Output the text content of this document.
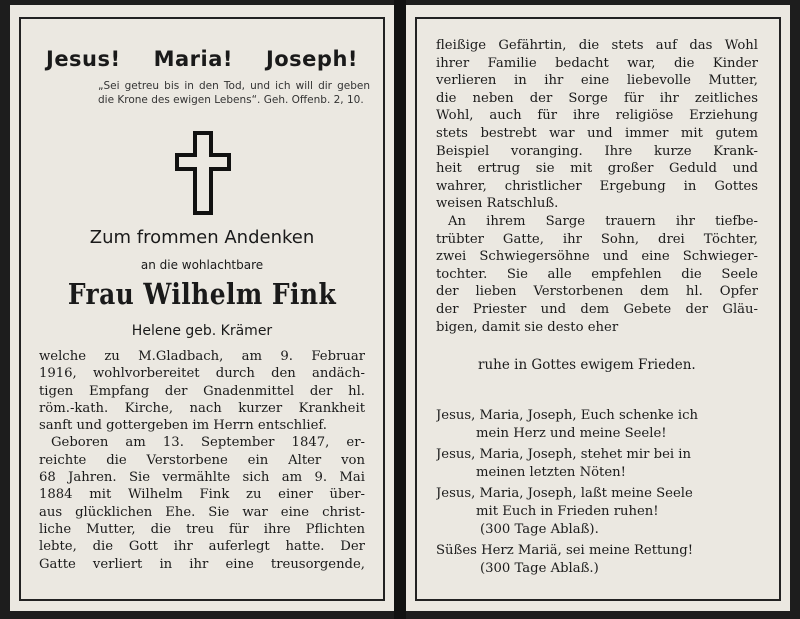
Jesus! Maria! Joseph!
„Sei getreu bis in den Tod, und ich will dir geben die Krone des ewigen Lebens“. Geh. Offenb. 2, 10.
Zum frommen Andenken
an die wohlachtbare
Frau Wilhelm Fink
Helene geb. Krämer
welche zu M.Gladbach, am 9. Februar
1916, wohlvorbereitet durch den andäch-
tigen Empfang der Gnadenmittel der hl.
röm.-kath. Kirche, nach kurzer Krankheit
sanft und gottergeben im Herrn entschlief.
Geboren am 13. September 1847, er-
reichte die Verstorbene ein Alter von
68 Jahren. Sie vermählte sich am 9. Mai
1884 mit Wilhelm Fink zu einer über-
aus glücklichen Ehe. Sie war eine christ-
liche Mutter, die treu für ihre Pflichten
lebte, die Gott ihr auferlegt hatte. Der
Gatte verliert in ihr eine treusorgende,
fleißige Gefährtin, die stets auf das Wohl
ihrer Familie bedacht war, die Kinder
verlieren in ihr eine liebevolle Mutter,
die neben der Sorge für ihr zeitliches
Wohl, auch für ihre religiöse Erziehung
stets bestrebt war und immer mit gutem
Beispiel voranging. Ihre kurze Krank-
heit ertrug sie mit großer Geduld und
wahrer, christlicher Ergebung in Gottes
weisen Ratschluß.
An ihrem Sarge trauern ihr tiefbe-
trübter Gatte, ihr Sohn, drei Töchter,
zwei Schwiegersöhne und eine Schwieger-
tochter. Sie alle empfehlen die Seele
der lieben Verstorbenen dem hl. Opfer
der Priester und dem Gebete der Gläu-
bigen, damit sie desto eher
ruhe in Gottes ewigem Frieden.
Jesus, Maria, Joseph, Euch schenke ich
mein Herz und meine Seele!
Jesus, Maria, Joseph, stehet mir bei in
meinen letzten Nöten!
Jesus, Maria, Joseph, laßt meine Seele
mit Euch in Frieden ruhen!
(300 Tage Ablaß).
Süßes Herz Mariä, sei meine Rettung!
(300 Tage Ablaß.)
